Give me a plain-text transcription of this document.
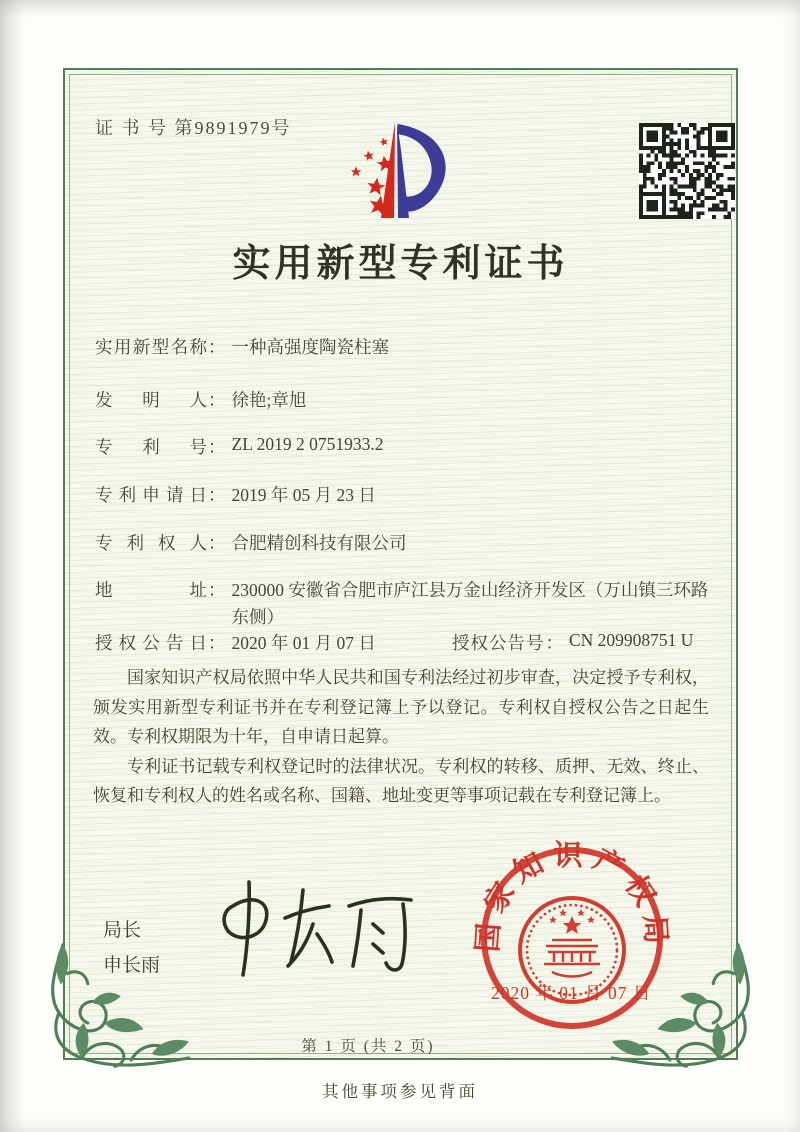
证 书 号 第9891979号
实用新型专利证书
实用新型名称： 一种高强度陶瓷柱塞
发明人： 徐艳;章旭
专利号： ZL 2019 2 0751933.2
专利申请日： 2019 年 05 月 23 日
专利权人： 合肥精创科技有限公司
地址： 230000 安徽省合肥市庐江县万金山经济开发区（万山镇三环路东侧）
授权公告日： 2020 年 01 月 07 日	授权公告号： CN 209908751 U

国家知识产权局依照中华人民共和国专利法经过初步审查，决定授予专利权，颁发实用新型专利证书并在专利登记簿上予以登记。专利权自授权公告之日起生效。专利权期限为十年，自申请日起算。

专利证书记载专利权登记时的法律状况。专利权的转移、质押、无效、终止、恢复和专利权人的姓名或名称、国籍、地址变更等事项记载在专利登记簿上。

局长
申长雨
国家知识产权局
2020 年 01 月 07 日
第 1 页 (共 2 页)
其他事项参见背面
